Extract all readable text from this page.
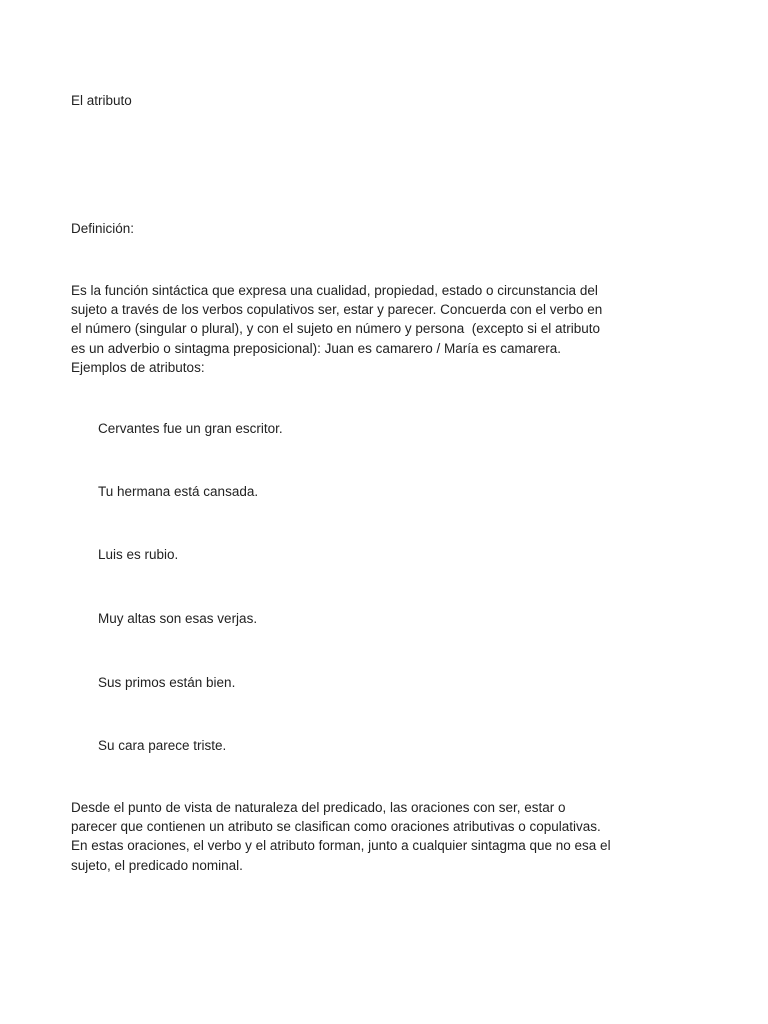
El atributo
Definición:
Es la función sintáctica que expresa una cualidad, propiedad, estado o circunstancia del
sujeto a través de los verbos copulativos ser, estar y parecer. Concuerda con el verbo en
el número (singular o plural), y con el sujeto en número y persona  (excepto si el atributo
es un adverbio o sintagma preposicional): Juan es camarero / María es camarera.
Ejemplos de atributos:
Cervantes fue un gran escritor.
Tu hermana está cansada.
Luis es rubio.
Muy altas son esas verjas.
Sus primos están bien.
Su cara parece triste.
Desde el punto de vista de naturaleza del predicado, las oraciones con ser, estar o
parecer que contienen un atributo se clasifican como oraciones atributivas o copulativas.
En estas oraciones, el verbo y el atributo forman, junto a cualquier sintagma que no esa el
sujeto, el predicado nominal.
